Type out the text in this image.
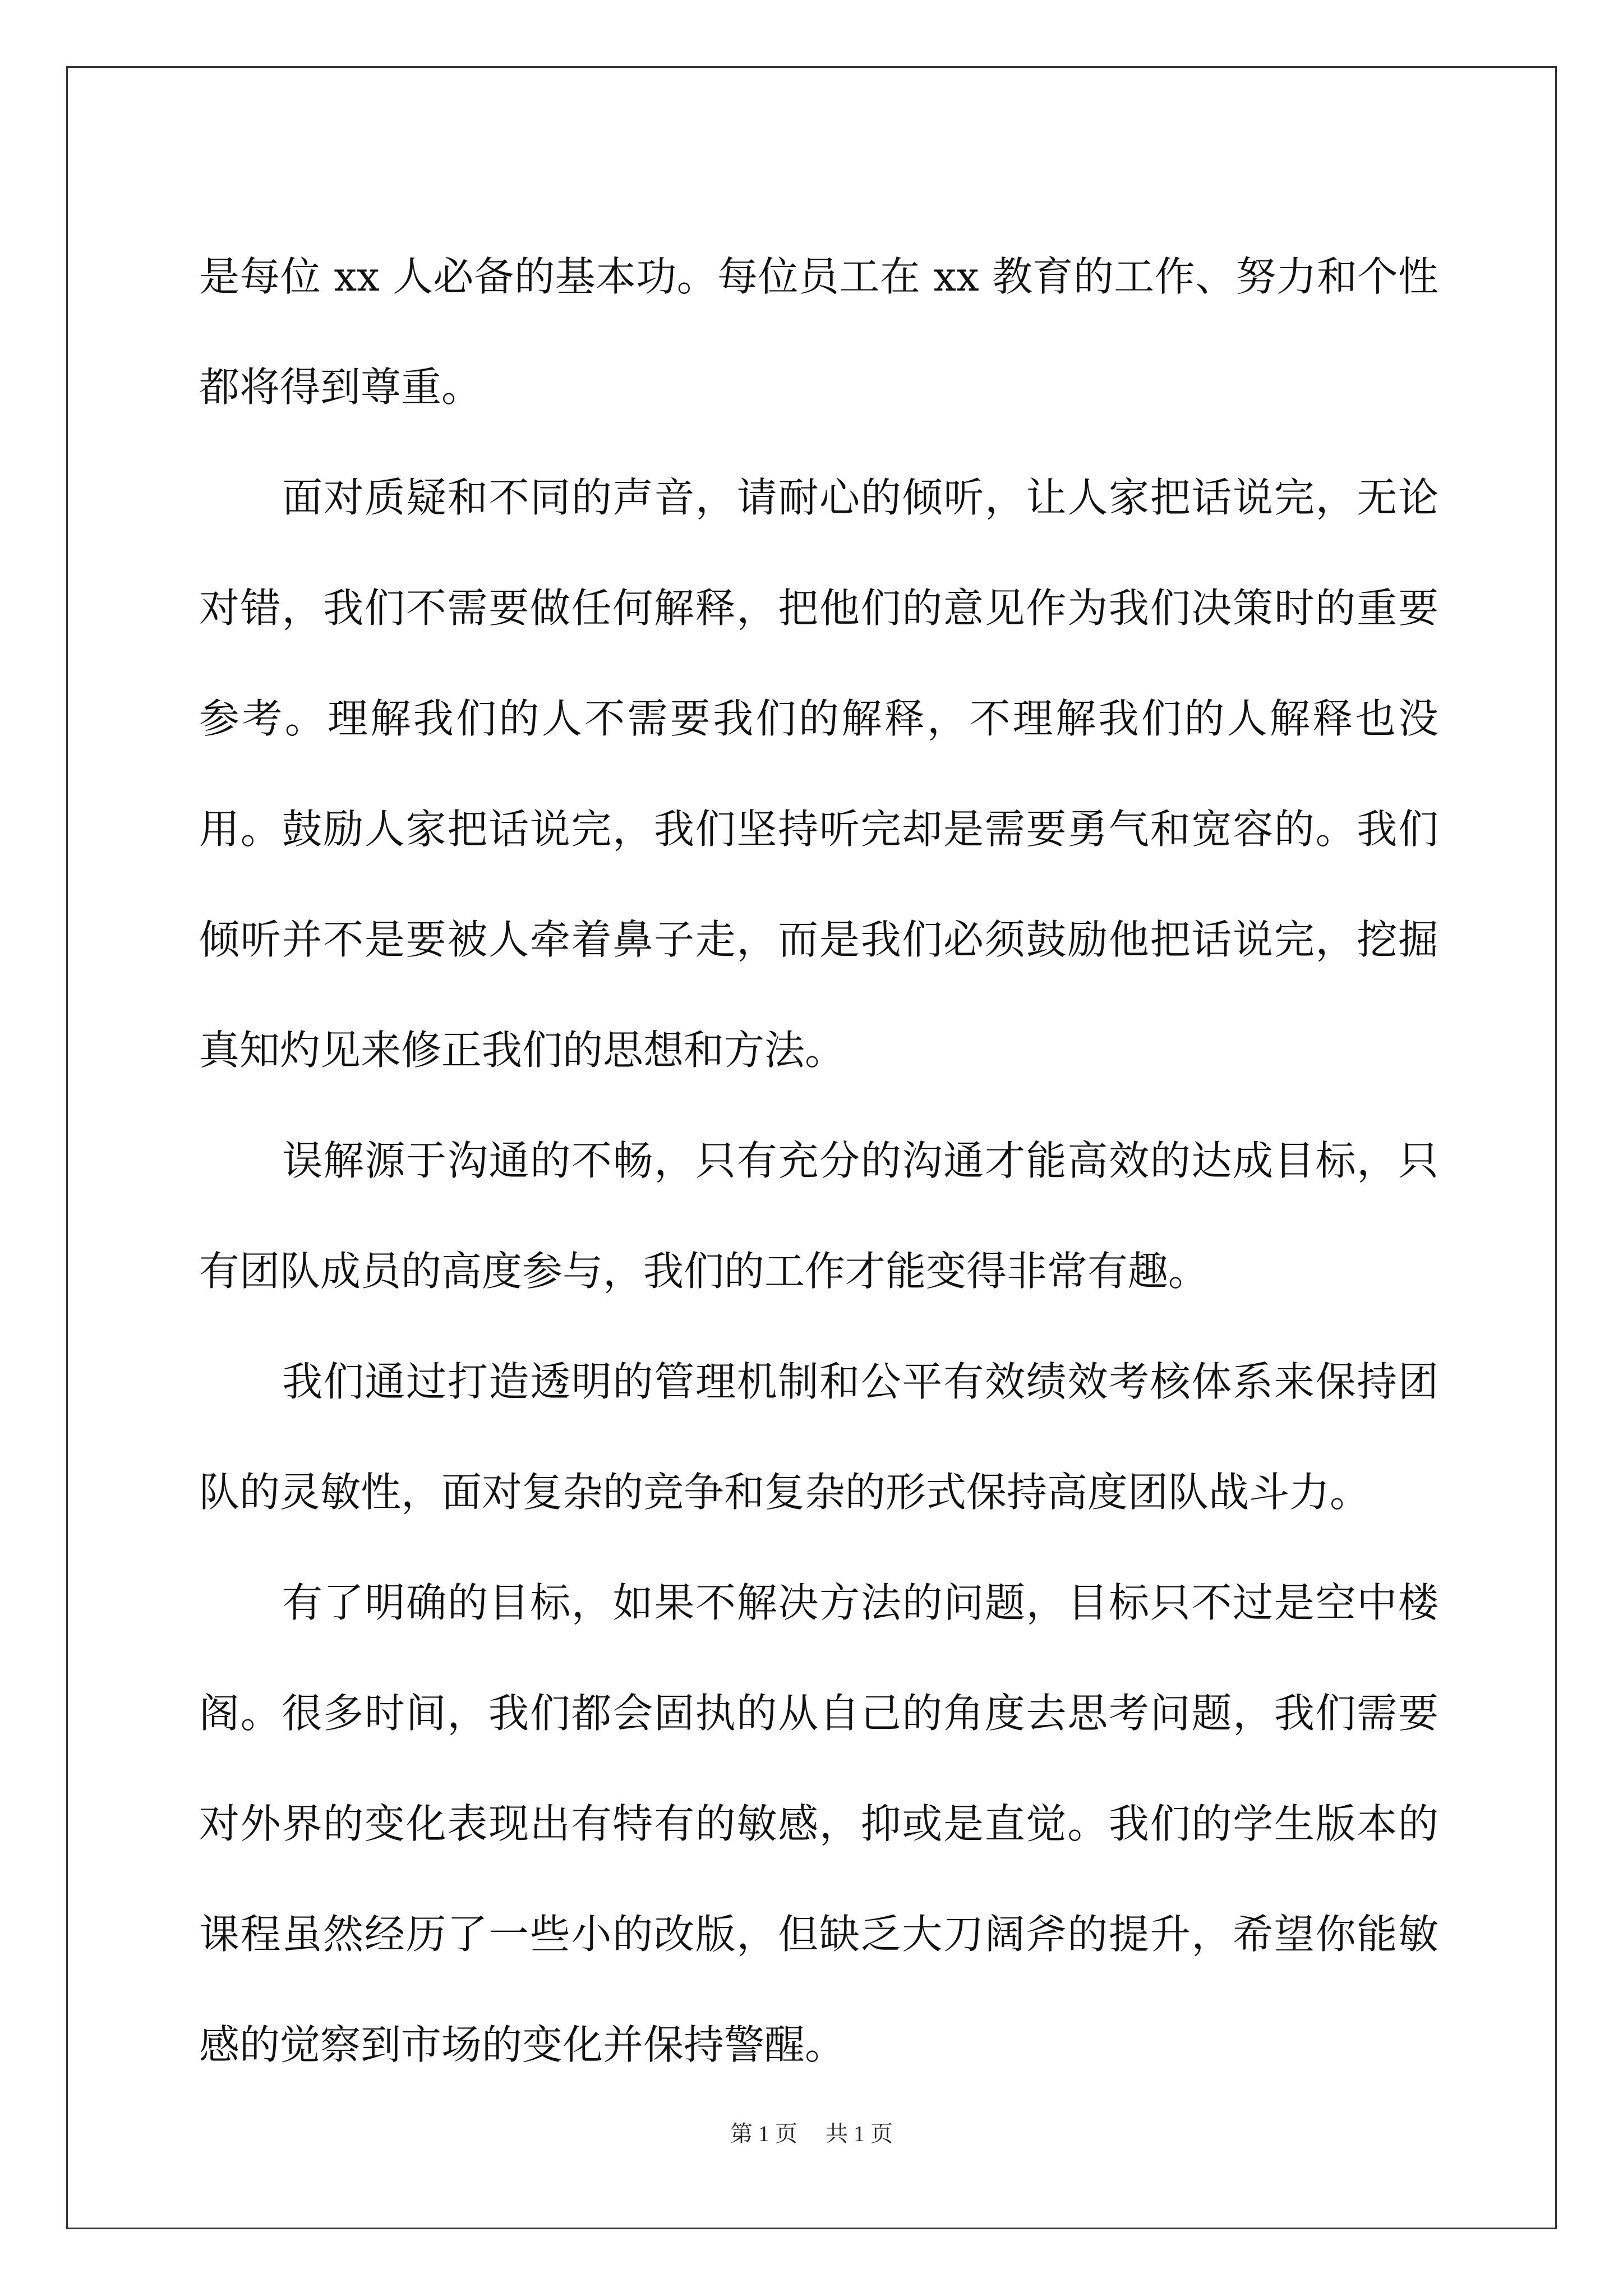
是每位 xx 人必备的基本功。每位员工在 xx 教育的工作、努力和个性都将得到尊重。

面对质疑和不同的声音，请耐心的倾听，让人家把话说完，无论对错，我们不需要做任何解释，把他们的意见作为我们决策时的重要参考。理解我们的人不需要我们的解释，不理解我们的人解释也没用。鼓励人家把话说完，我们坚持听完却是需要勇气和宽容的。我们倾听并不是要被人牵着鼻子走，而是我们必须鼓励他把话说完，挖掘真知灼见来修正我们的思想和方法。

误解源于沟通的不畅，只有充分的沟通才能高效的达成目标，只有团队成员的高度参与，我们的工作才能变得非常有趣。

我们通过打造透明的管理机制和公平有效绩效考核体系来保持团队的灵敏性，面对复杂的竞争和复杂的形式保持高度团队战斗力。

有了明确的目标，如果不解决方法的问题，目标只不过是空中楼阁。很多时间，我们都会固执的从自己的角度去思考问题，我们需要对外界的变化表现出有特有的敏感，抑或是直觉。我们的学生版本的课程虽然经历了一些小的改版，但缺乏大刀阔斧的提升，希望你能敏感的觉察到市场的变化并保持警醒。

第 1 页 共 1 页
